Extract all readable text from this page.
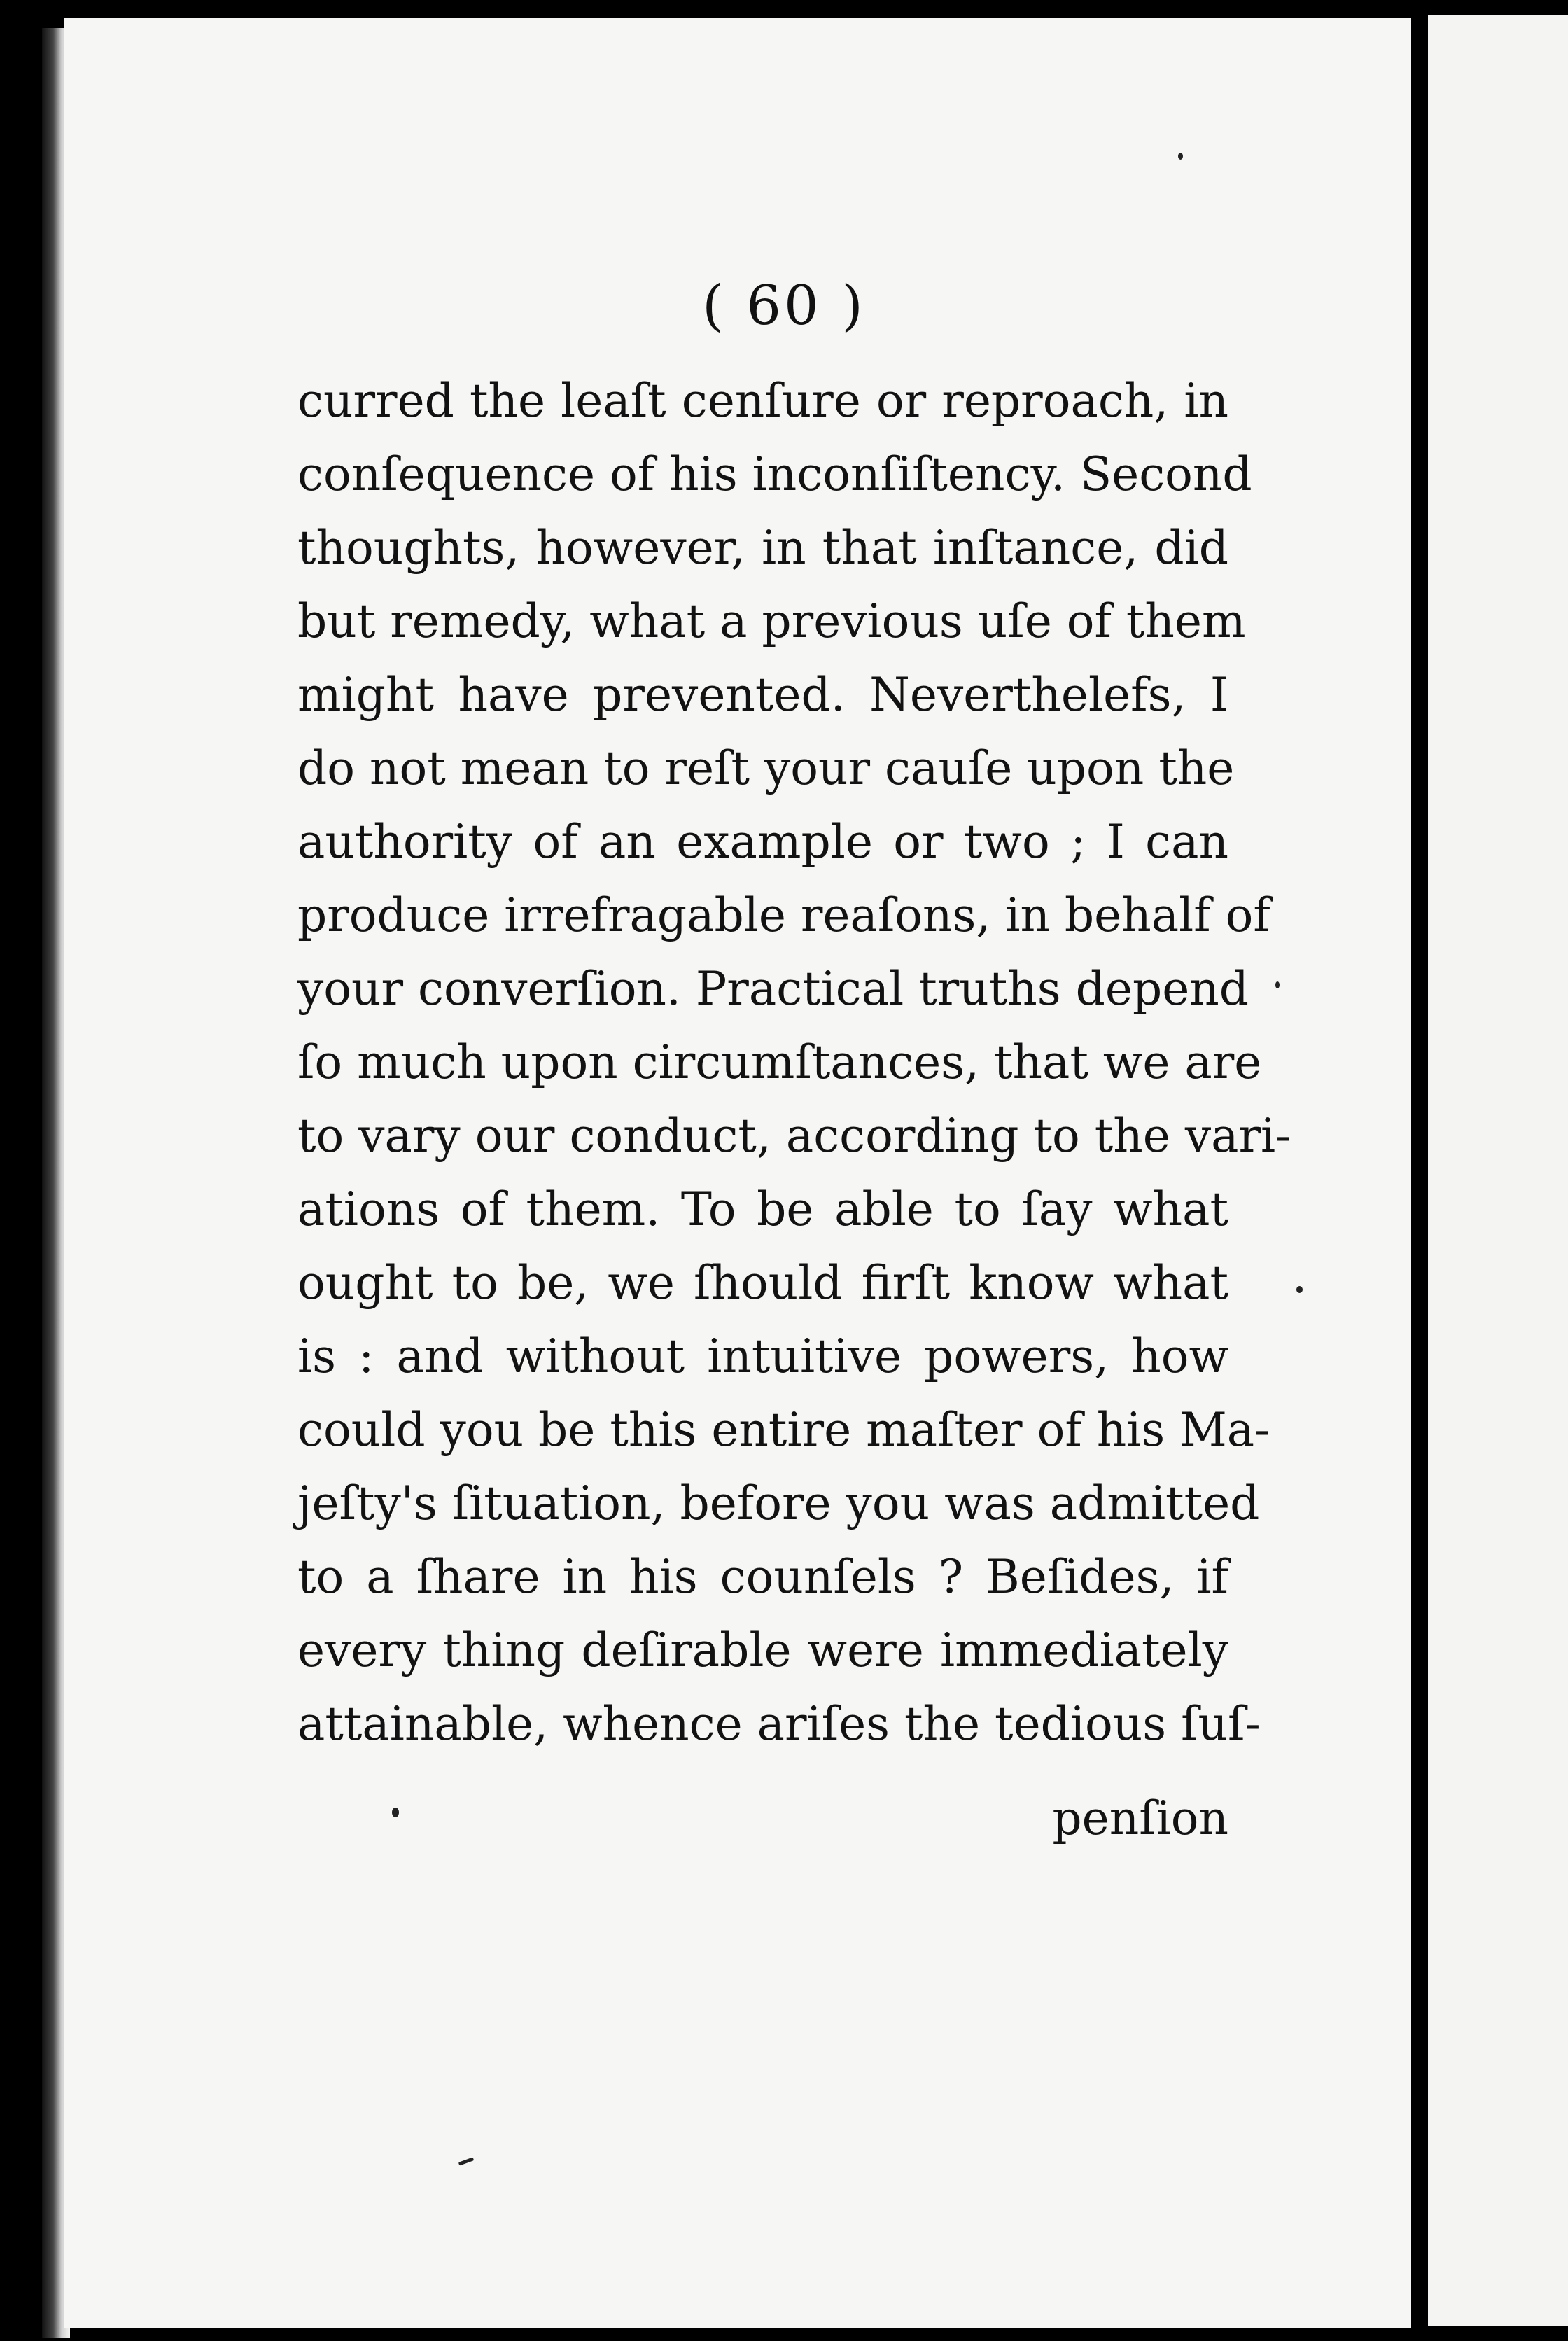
( 60 )
curred the leaſt cenſure or reproach, in
conſequence of his inconſiſtency. Second
thoughts, however, in that inſtance, did
but remedy, what a previous uſe of them
might have prevented. Neverthelefs, I
do not mean to reſt your cauſe upon the
authority of an example or two ; I can
produce irrefragable reaſons, in behalf of
your converſion. Practical truths depend
ſo much upon circumſtances, that we are
to vary our conduct, according to the vari-
ations of them. To be able to ſay what
ought to be, we ſhould firſt know what
is : and without intuitive powers, how
could you be this entire maſter of his Ma-
jeſty's ſituation, before you was admitted
to a ſhare in his counſels ? Beſides, if
every thing deſirable were immediately
attainable, whence ariſes the tedious ſuſ-
penſion
